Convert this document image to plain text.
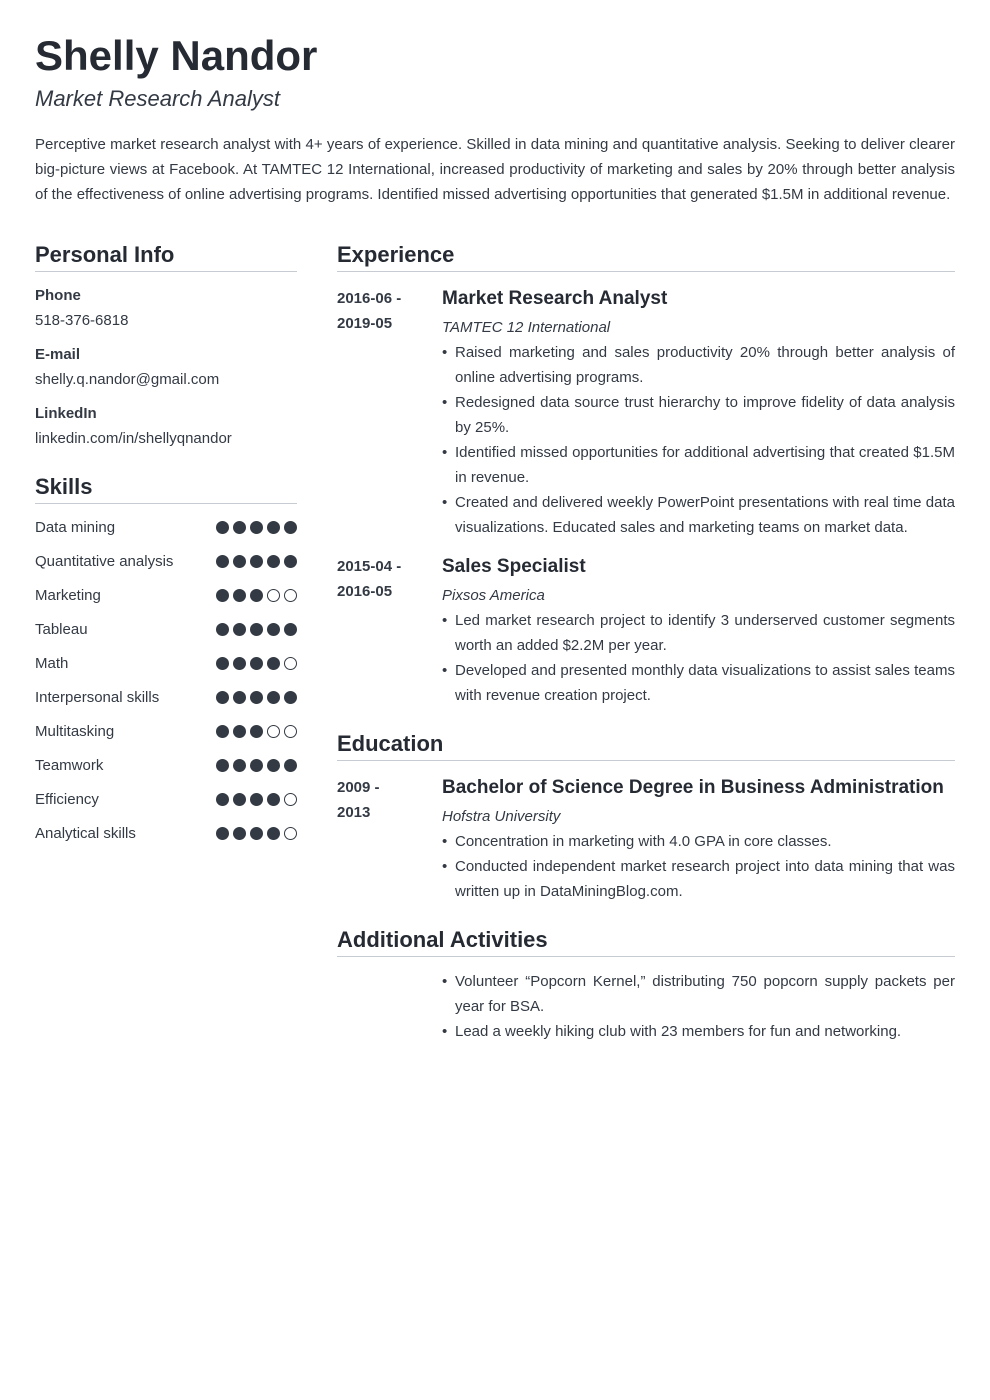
Shelly Nandor
Market Research Analyst

Perceptive market research analyst with 4+ years of experience. Skilled in data mining and quantitative analysis. Seeking to deliver clearer big-picture views at Facebook. At TAMTEC 12 International, increased productivity of marketing and sales by 20% through better analysis of the effectiveness of online advertising programs. Identified missed advertising opportunities that generated $1.5M in additional revenue.

Personal Info
Phone
518-376-6818
E-mail
shelly.q.nandor@gmail.com
LinkedIn
linkedin.com/in/shellyqnandor
Skills
Data mining
Quantitative analysis
Marketing
Tableau
Math
Interpersonal skills
Multitasking
Teamwork
Efficiency
Analytical skills
Experience
2016-06 -
2019-05
Market Research Analyst
TAMTEC 12 International
• Raised marketing and sales productivity 20% through better analysis of online advertising programs.
• Redesigned data source trust hierarchy to improve fidelity of data analysis by 25%.
• Identified missed opportunities for additional advertising that created $1.5M in revenue.
• Created and delivered weekly PowerPoint presentations with real time data visualizations. Educated sales and marketing teams on market data.
2015-04 -
2016-05
Sales Specialist
Pixsos America
• Led market research project to identify 3 underserved customer segments worth an added $2.2M per year.
• Developed and presented monthly data visualizations to assist sales teams with revenue creation project.
Education
2009 -
2013
Bachelor of Science Degree in Business Administration
Hofstra University
• Concentration in marketing with 4.0 GPA in core classes.
• Conducted independent market research project into data mining that was written up in DataMiningBlog.com.
Additional Activities
• Volunteer “Popcorn Kernel,” distributing 750 popcorn supply packets per year for BSA.
• Lead a weekly hiking club with 23 members for fun and networking.
